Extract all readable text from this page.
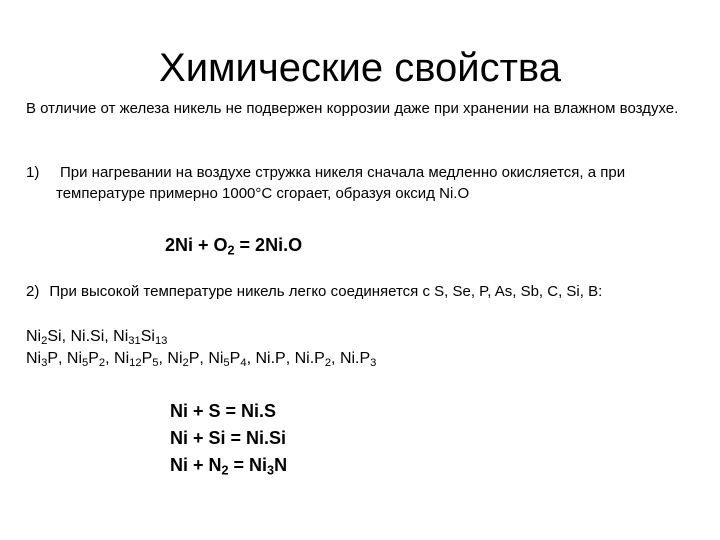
Химические свойства
В отличие от железа никель не подвержен коррозии даже при хранении на влажном воздухе.
1) При нагревании на воздухе стружка никеля сначала медленно окисляется, а при
температуре примерно 1000°С сгорает, образуя оксид Ni.O
$2Ni + O_2 = 2Ni.O$
2) При высокой температуре никель легко соединяется с S, Se, P, As, Sb, C, Si, B:
$Ni_2Si$, Ni.Si, $Ni_{31}Si_{13}$
$Ni_3P$, $Ni_5P_2$, $Ni_{12}P_5$, $Ni_2P$, $Ni_5P_4$, Ni.P, $Ni.P_2$, $Ni.P_3$
Ni + S = Ni.S
Ni + Si = Ni.Si
$Ni + N_2 = Ni_3N$
